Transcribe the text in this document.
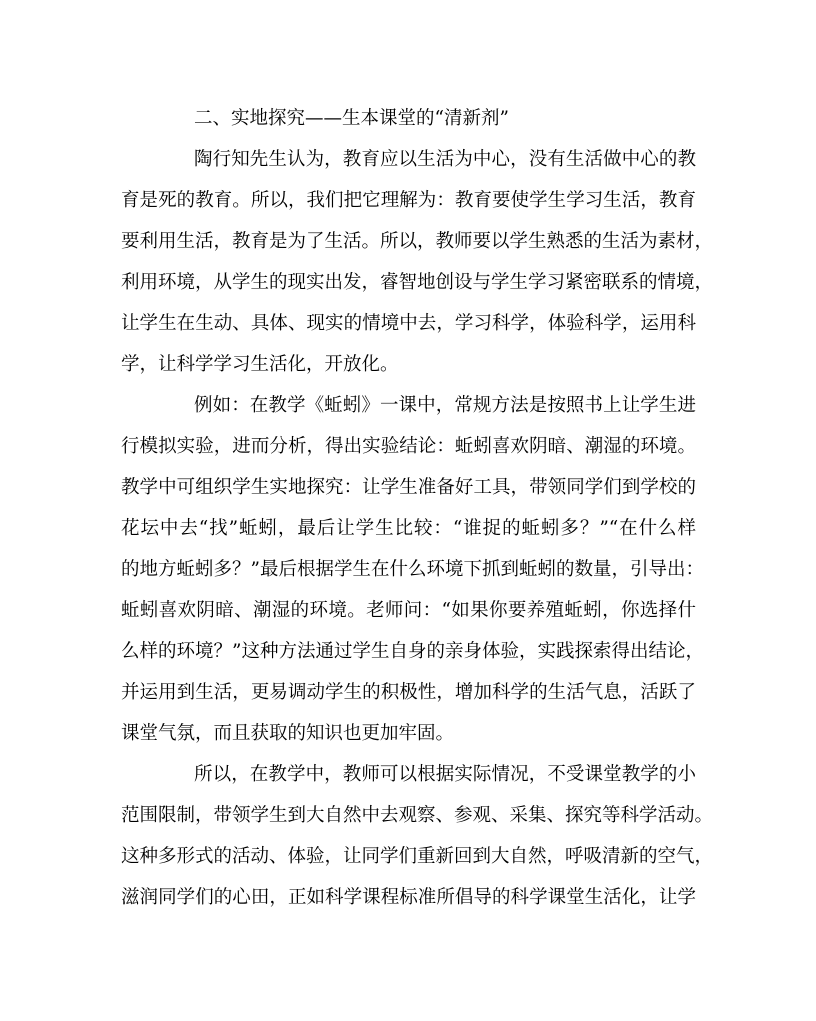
二、实地探究——生本课堂的“清新剂”
陶行知先生认为，教育应以生活为中心，没有生活做中心的教
育是死的教育。所以，我们把它理解为：教育要使学生学习生活，教育
要利用生活，教育是为了生活。所以，教师要以学生熟悉的生活为素材，
利用环境，从学生的现实出发，睿智地创设与学生学习紧密联系的情境，
让学生在生动、具体、现实的情境中去，学习科学，体验科学，运用科
学，让科学学习生活化，开放化。
例如：在教学《蚯蚓》一课中，常规方法是按照书上让学生进
行模拟实验，进而分析，得出实验结论：蚯蚓喜欢阴暗、潮湿的环境。
教学中可组织学生实地探究：让学生准备好工具，带领同学们到学校的
花坛中去“找”蚯蚓，最后让学生比较：“谁捉的蚯蚓多？”“在什么样
的地方蚯蚓多？”最后根据学生在什么环境下抓到蚯蚓的数量，引导出：
蚯蚓喜欢阴暗、潮湿的环境。老师问：“如果你要养殖蚯蚓，你选择什
么样的环境？”这种方法通过学生自身的亲身体验，实践探索得出结论，
并运用到生活，更易调动学生的积极性，增加科学的生活气息，活跃了
课堂气氛，而且获取的知识也更加牢固。
所以，在教学中，教师可以根据实际情况，不受课堂教学的小
范围限制，带领学生到大自然中去观察、参观、采集、探究等科学活动。
这种多形式的活动、体验，让同学们重新回到大自然，呼吸清新的空气，
滋润同学们的心田，正如科学课程标准所倡导的科学课堂生活化，让学
